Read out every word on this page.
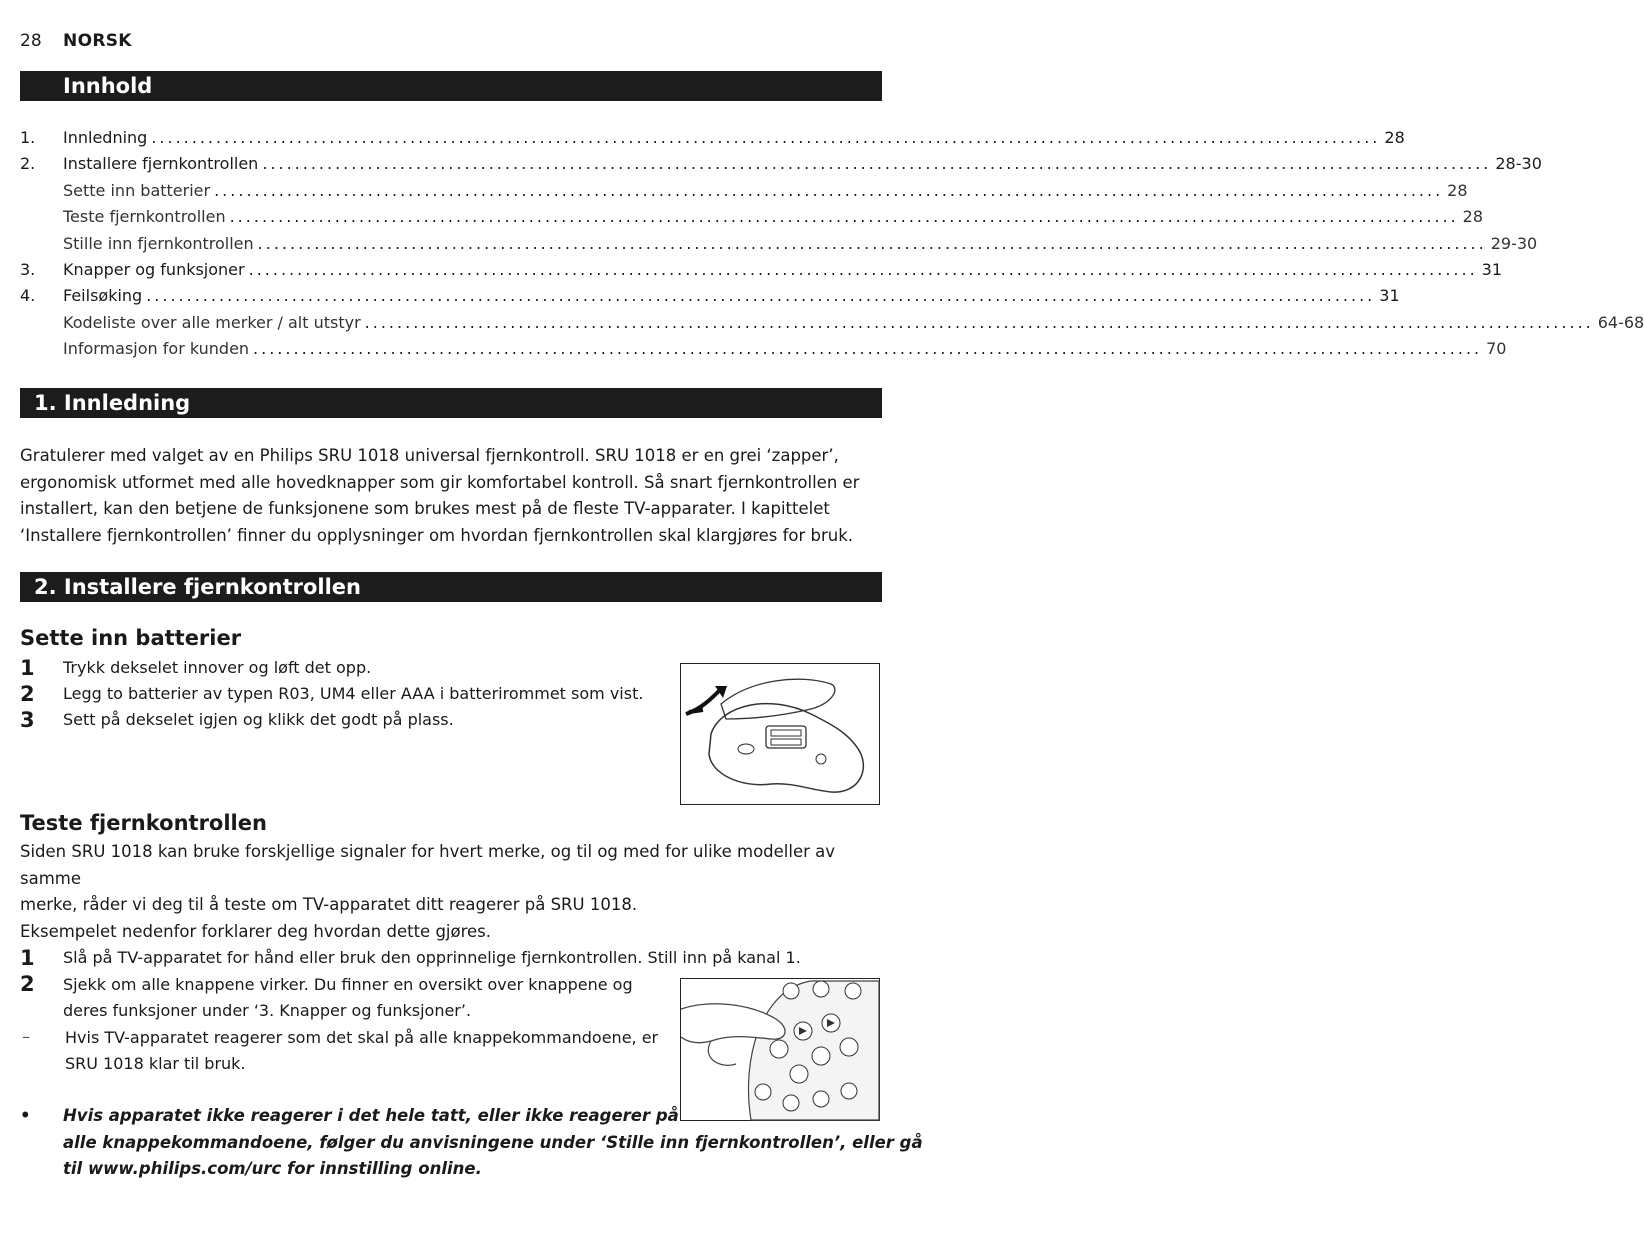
28 NORSK
Innhold
1.	Innledning ........................................................................................................................................................ 28
2.	Installere fjernkontrollen ........................................................................................................................................................ 28-30
Sette inn batterier ........................................................................................................................................................ 28
Teste fjernkontrollen ........................................................................................................................................................ 28
Stille inn fjernkontrollen ........................................................................................................................................................ 29-30
3.	Knapper og funksjoner ........................................................................................................................................................ 31
4.	Feilsøking ........................................................................................................................................................ 31
Kodeliste over alle merker / alt utstyr ........................................................................................................................................................ 64-68
Informasjon for kunden ........................................................................................................................................................ 70
1. Innledning
Gratulerer med valget av en Philips SRU 1018 universal fjernkontroll. SRU 1018 er en grei ‘zapper’,
ergonomisk utformet med alle hovedknapper som gir komfortabel kontroll. Så snart fjernkontrollen er
installert, kan den betjene de funksjonene som brukes mest på de fleste TV-apparater. I kapittelet
‘Installere fjernkontrollen’ finner du opplysninger om hvordan fjernkontrollen skal klargjøres for bruk.
2. Installere fjernkontrollen
Sette inn batterier
1	Trykk dekselet innover og løft det opp.
2	Legg to batterier av typen R03, UM4 eller AAA i batterirommet som vist.
3	Sett på dekselet igjen og klikk det godt på plass.
Teste fjernkontrollen
Siden SRU 1018 kan bruke forskjellige signaler for hvert merke, og til og med for ulike modeller av samme
merke, råder vi deg til å teste om TV-apparatet ditt reagerer på SRU 1018.
Eksempelet nedenfor forklarer deg hvordan dette gjøres.
1	Slå på TV-apparatet for hånd eller bruk den opprinnelige fjernkontrollen. Still inn på kanal 1.
2	Sjekk om alle knappene virker. Du finner en oversikt over knappene og
deres funksjoner under ‘3. Knapper og funksjoner’.
–	Hvis TV-apparatet reagerer som det skal på alle knappekommandoene, er
SRU 1018 klar til bruk.
•	Hvis apparatet ikke reagerer i det hele tatt, eller ikke reagerer på
alle knappekommandoene, følger du anvisningene under ‘Stille inn fjernkontrollen’, eller gå
til www.philips.com/urc for innstilling online.
